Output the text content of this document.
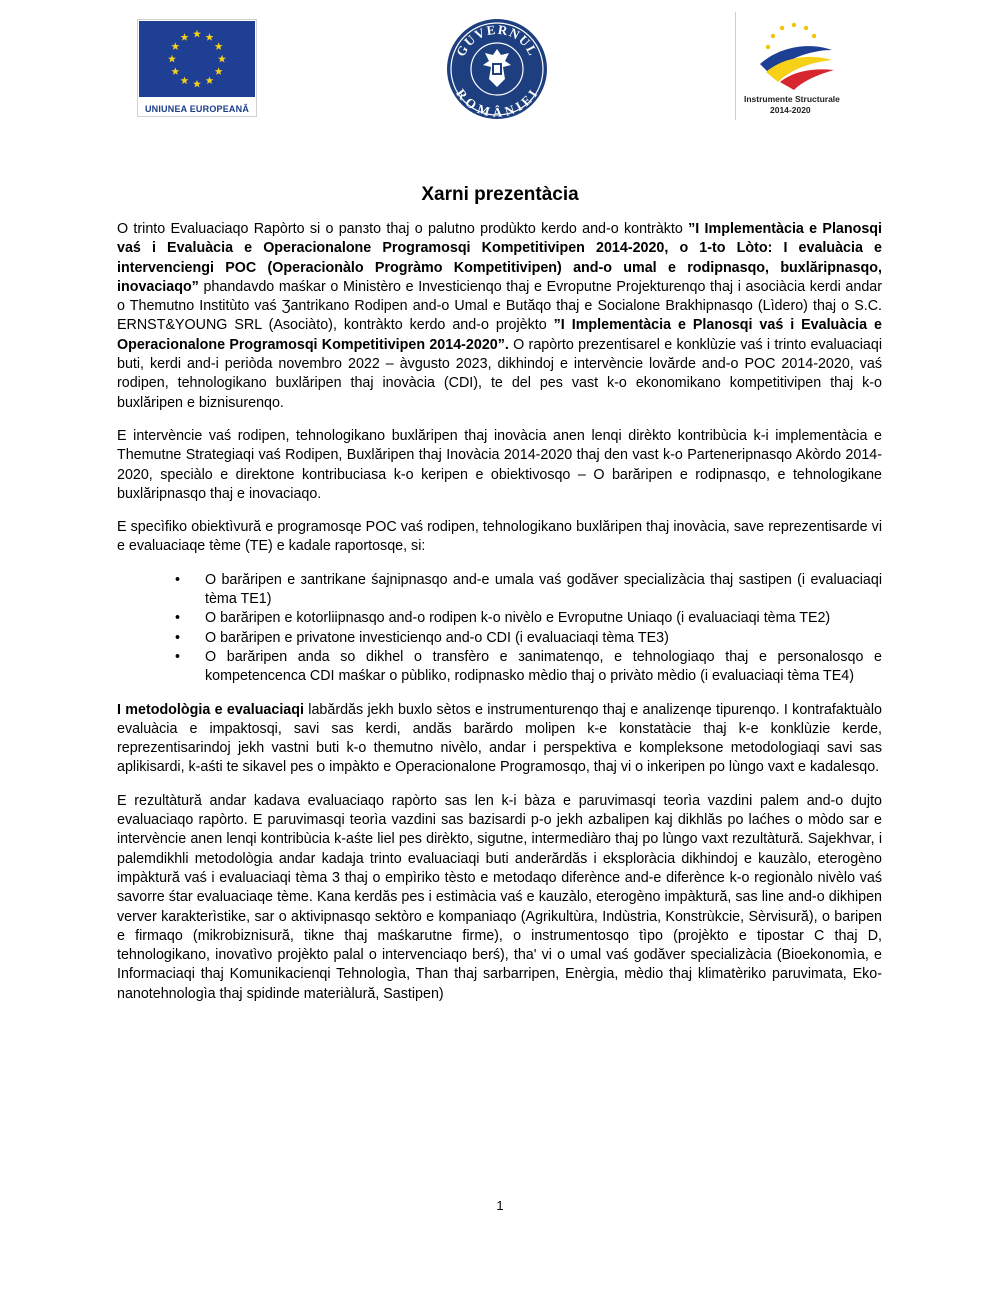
UNIUNEA EUROPEANĂ
GUVERNUL
ROMÂNIEI	Instrumente Structurale
2014-2020
Xarni prezentàcia

O trinto Evaluaciaqo Rapòrto si o panзto thaj o palutno prodùkto kerdo and-o kontràkto ”I Implementàcia e Planosqi vaś i Evaluàcia e Operacionalone Programosqi Kompetitivipen 2014-2020, o 1-to Lòto: I evaluàcia e intervenciengi POC (Operacionàlo Progràmo Kompetitivipen) and-o umal e rodipnasqo, buxlăripnasqo, inovaciaqo” phandavdo maśkar o Ministèro e Investicienqo thaj e Evroputne Projekturenqo thaj i asociàcia kerdi andar o Themutno Institùto vaś Ʒantrikano Rodipen and-o Umal e Butăqo thaj e Socialone Brakhipnasqo (Lìdero) thaj o S.C. ERNST&YOUNG SRL (Asociàto), kontràkto kerdo and-o projèkto ”I Implementàcia e Planosqi vaś i Evaluàcia e Operacionalone Programosqi Kompetitivipen 2014-2020”. O rapòrto prezentisarel e konklùzie vaś i trinto evaluaciaqi buti, kerdi and-i periòda novembro 2022 – àvgusto 2023, dikhindoj e intervèncie lovărde and-o POC 2014-2020, vaś rodipen, tehnologikano buxlăripen thaj inovàcia (CDI), te del pes vast k-o ekonomikano kompetitivipen thaj k-o buxlăripen e biznisurenqo.

E intervèncie vaś rodipen, tehnologikano buxlăripen thaj inovàcia anen lenqi dirèkto kontribùcia k-i implementàcia e Themutne Strategiaqi vaś Rodipen, Buxlăripen thaj Inovàcia 2014-2020 thaj den vast k-o Parteneripnasqo Akòrdo 2014-2020, speciàlo e direktone kontribuciasa k-o keripen e obiektivosqo – O barăripen e rodipnasqo, e tehnologikane buxlăripnasqo thaj e inovaciaqo.

E specìfiko obiektìvură e programosqe POC vaś rodipen, tehnologikano buxlăripen thaj inovàcia, save reprezentisarde vi e evaluaciaqe tème (TE) e kadale raportosqe, si:

• O barăripen e зantrikane śajnipnasqo and-e umala vaś godăver specializàcia thaj sastipen (i evaluaciaqi tèma TE1)
• O barăripen e kotorliipnasqo and-o rodipen k-o nivèlo e Evroputne Uniaqo (i evaluaciaqi tèma TE2)
• O barăripen e privatone investicienqo and-o CDI (i evaluaciaqi tèma TE3)
• O barăripen anda so dikhel o transfèro e зanimatenqo, e tehnologiaqo thaj e personalosqo e kompetencenca CDI maśkar o pùbliko, rodipnasko mèdio thaj o privàto mèdio (i evaluaciaqi tèma TE4)

I metodològia e evaluaciaqi labărdăs jekh buxlo sètos e instrumenturenqo thaj e analizenqe tipurenqo. I kontrafaktuàlo evaluàcia e impaktosqi, savi sas kerdi, andăs barărdo molipen k-e konstatàcie thaj k-e konklùzie kerde, reprezentisarindoj jekh vastni buti k-o themutno nivèlo, andar i perspektiva e kompleksone metodologiaqi savi sas aplikisardi, k-aśti te sikavel pes o impàkto e Operacionalone Programosqo, thaj vi o inkeripen po lùngo vaxt e kadalesqo.

E rezultàtură andar kadava evaluaciaqo rapòrto sas len k-i bàza e paruvimasqi teorìa vazdini palem and-o dujto evaluaciaqo rapòrto. E paruvimasqi teorìa vazdini sas bazisardi p-o jekh azbalipen kaj dikhlăs po laćhes o mòdo sar e intervèncie anen lenqi kontribùcia k-aśte liel pes dirèkto, sigutne, intermediàro thaj po lùngo vaxt rezultàtură. Sajekhvar, i palemdikhli metodològia andar kadaja trinto evaluaciaqi buti anderărdăs i eksploràcia dikhindoj e kauzàlo, eterogèno impàktură vaś i evaluaciaqi tèma 3 thaj o empìriko tèsto e metodaqo diferènce and-e diferènce k-o regionàlo nivèlo vaś savorre śtar evaluaciaqe tème. Kana kerdăs pes i estimàcia vaś e kauzàlo, eterogèno impàktură, sas line and-o dikhipen verver karakterìstike, sar o aktivipnasqo sektòro e kompaniaqo (Agrikultùra, Indùstria, Konstrùkcie, Sèrvisură), o baripen e firmaqo (mikrobiznisură, tikne thaj maśkarutne firme), o instrumentosqo tìpo (projèkto e tipostar C thaj D, tehnologikano, inovatìvo projèkto palal o intervenciaqo berś), tha' vi o umal vaś godăver specializàcia (Bioekonomìa, e Informaciaqi thaj Komunikacienqi Tehnologìa, Than thaj sarbarripen, Enèrgia, mèdio thaj klimatèriko paruvimata, Eko-nanotehnologìa thaj spidinde materiàlură, Sastipen)

1
